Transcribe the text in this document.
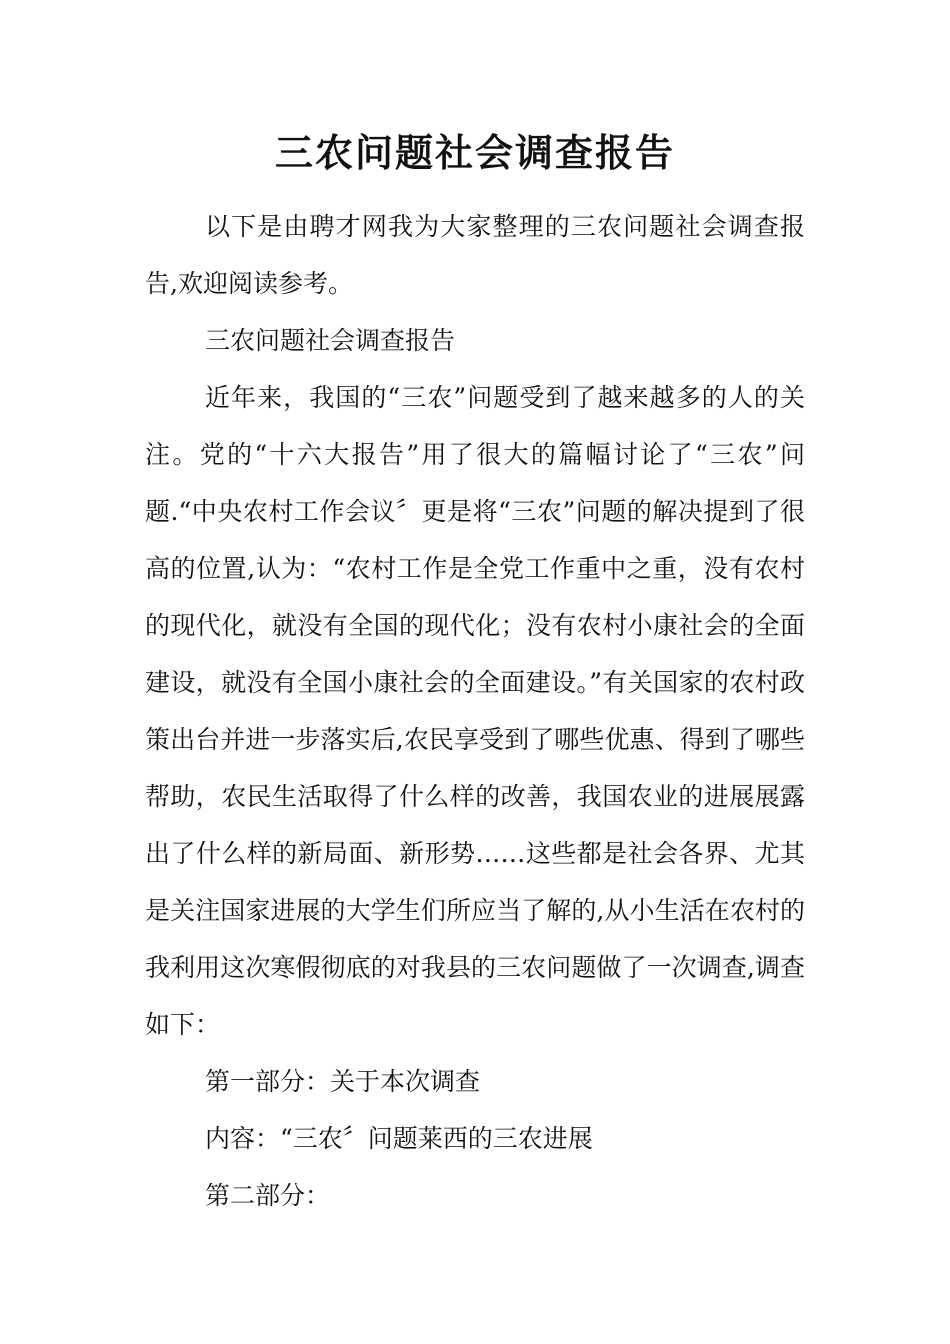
三农问题社会调查报告

以下是由聘才网我为大家整理的三农问题社会调查报告,欢迎阅读参考。

三农问题社会调查报告

近年来，我国的“三农”问题受到了越来越多的人的关注。党的“十六大报告”用了很大的篇幅讨论了“三农”问题.“中央农村工作会议〞更是将“三农”问题的解决提到了很高的位置,认为：“农村工作是全党工作重中之重，没有农村的现代化，就没有全国的现代化；没有农村小康社会的全面建设，就没有全国小康社会的全面建设。”有关国家的农村政策出台并进一步落实后,农民享受到了哪些优惠、得到了哪些帮助，农民生活取得了什么样的改善，我国农业的进展展露出了什么样的新局面、新形势……这些都是社会各界、尤其是关注国家进展的大学生们所应当了解的,从小生活在农村的我利用这次寒假彻底的对我县的三农问题做了一次调查,调查如下：

第一部分：关于本次调查

内容：“三农〞问题莱西的三农进展

第二部分：
